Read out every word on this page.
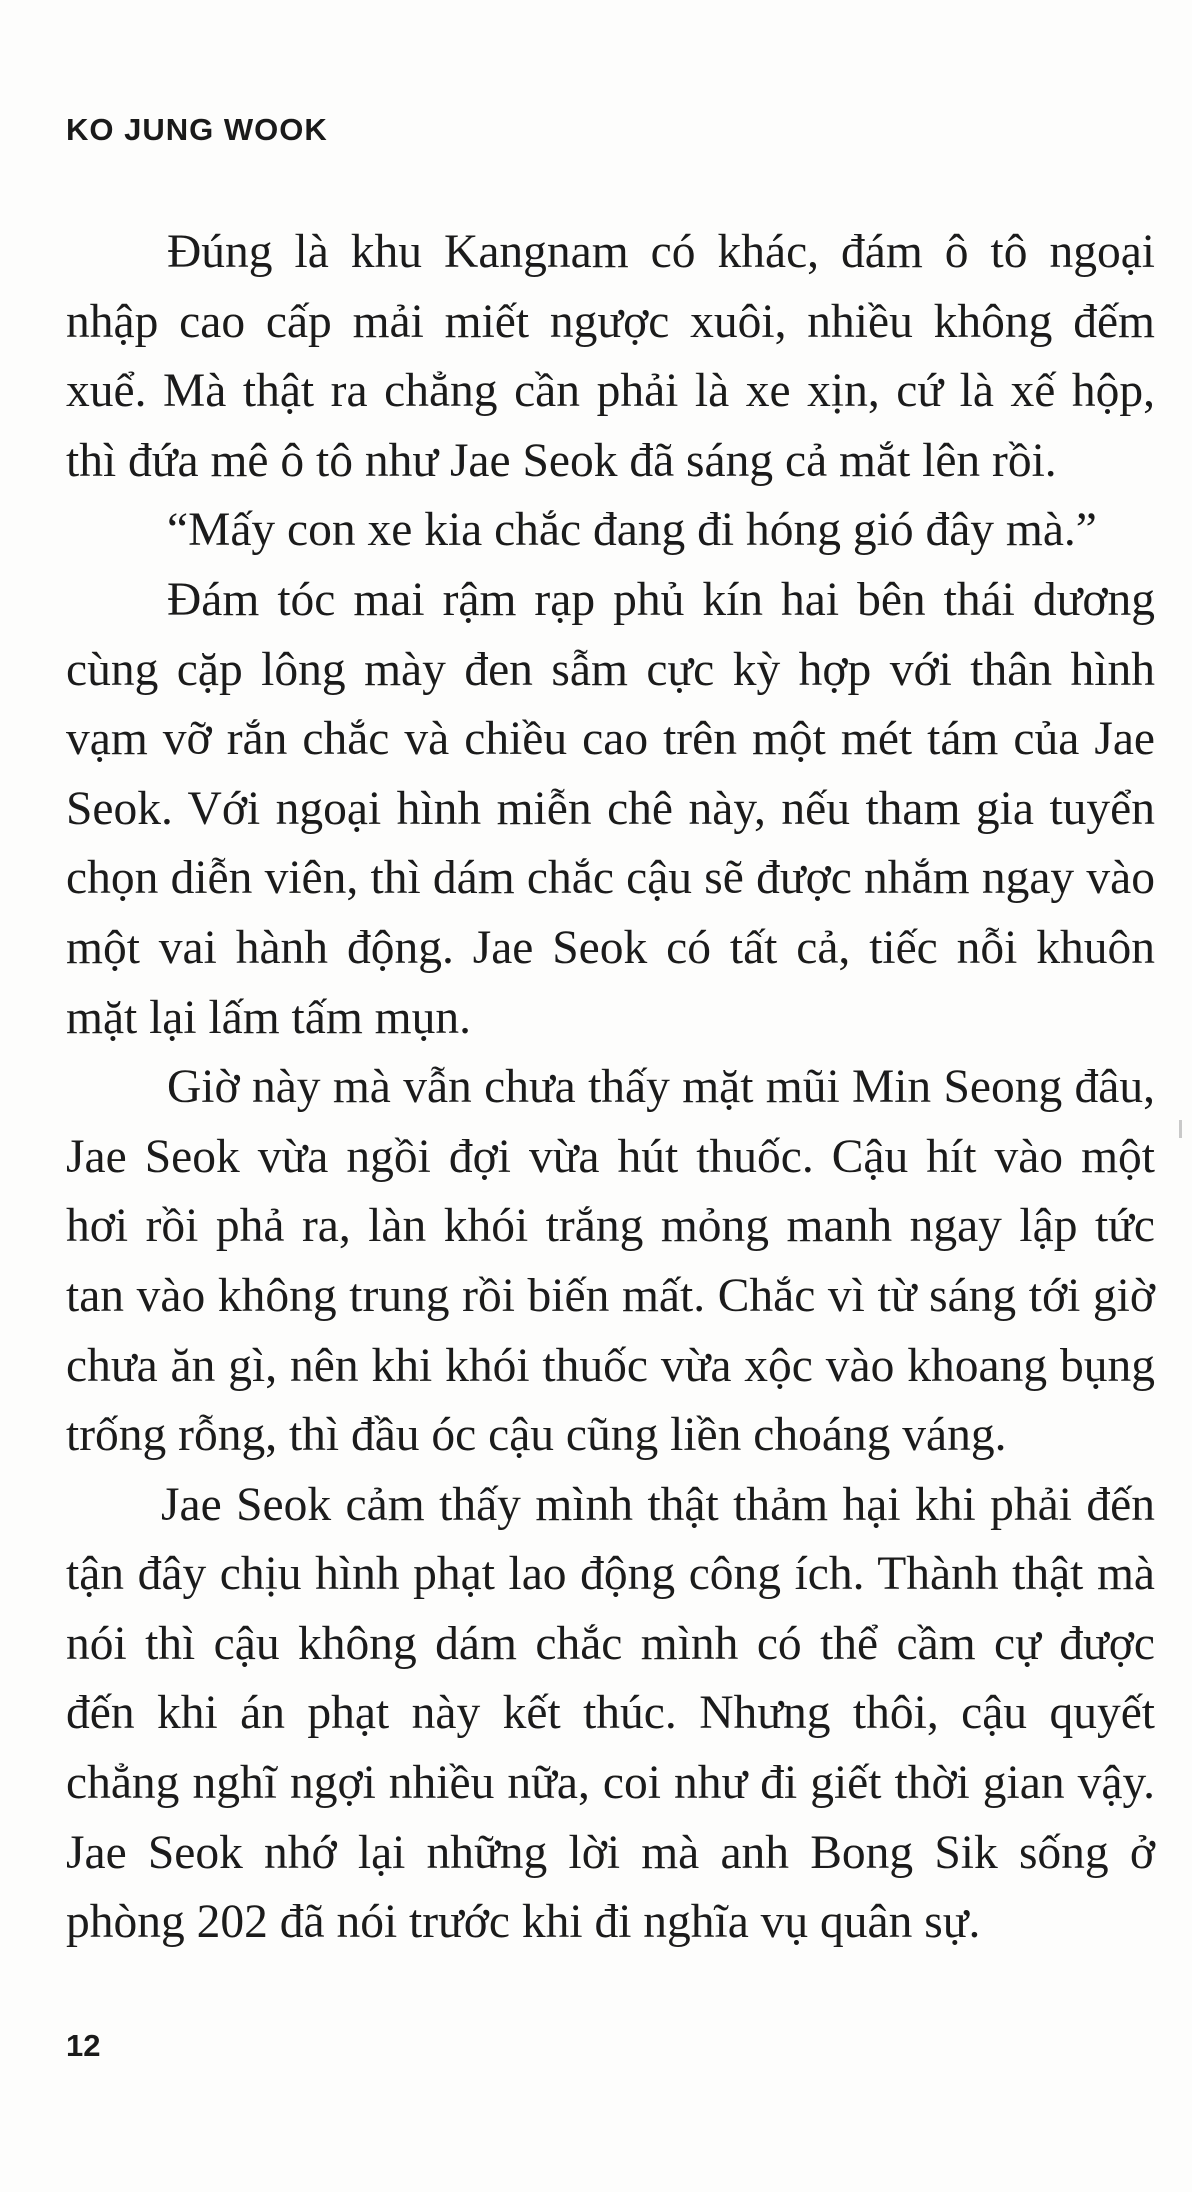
KO JUNG WOOK

Đúng là khu Kangnam có khác, đám ô tô ngoại nhập cao cấp mải miết ngược xuôi, nhiều không đếm xuể. Mà thật ra chẳng cần phải là xe xịn, cứ là xế hộp, thì đứa mê ô tô như Jae Seok đã sáng cả mắt lên rồi.

“Mấy con xe kia chắc đang đi hóng gió đây mà.”

Đám tóc mai rậm rạp phủ kín hai bên thái dương cùng cặp lông mày đen sẫm cực kỳ hợp với thân hình vạm vỡ rắn chắc và chiều cao trên một mét tám của Jae Seok. Với ngoại hình miễn chê này, nếu tham gia tuyển chọn diễn viên, thì dám chắc cậu sẽ được nhắm ngay vào một vai hành động. Jae Seok có tất cả, tiếc nỗi khuôn mặt lại lấm tấm mụn.

Giờ này mà vẫn chưa thấy mặt mũi Min Seong đâu, Jae Seok vừa ngồi đợi vừa hút thuốc. Cậu hít vào một hơi rồi phả ra, làn khói trắng mỏng manh ngay lập tức tan vào không trung rồi biến mất. Chắc vì từ sáng tới giờ chưa ăn gì, nên khi khói thuốc vừa xộc vào khoang bụng trống rỗng, thì đầu óc cậu cũng liền choáng váng.

Jae Seok cảm thấy mình thật thảm hại khi phải đến tận đây chịu hình phạt lao động công ích. Thành thật mà nói thì cậu không dám chắc mình có thể cầm cự được đến khi án phạt này kết thúc. Nhưng thôi, cậu quyết chẳng nghĩ ngợi nhiều nữa, coi như đi giết thời gian vậy. Jae Seok nhớ lại những lời mà anh Bong Sik sống ở phòng 202 đã nói trước khi đi nghĩa vụ quân sự.

12
